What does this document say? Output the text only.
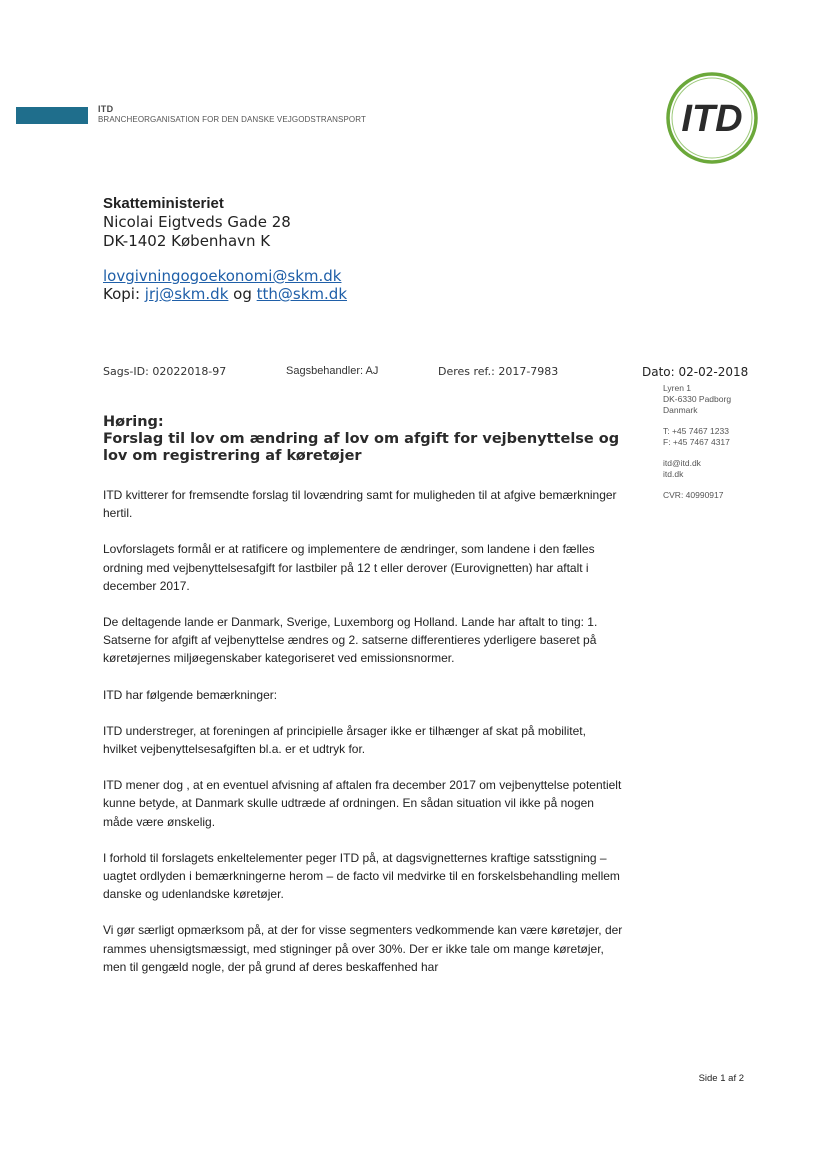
ITD
BRANCHEORGANISATION FOR DEN DANSKE VEJGODSTRANSPORT	ITD
Skatteministeriet
Nicolai Eigtveds Gade 28
DK-1402 København K
lovgivningogoekonomi@skm.dk
Kopi: jrj@skm.dk og tth@skm.dk
Sags-ID: 02022018-97	Sagsbehandler: AJ	Deres ref.: 2017-7983	Dato: 02-02-2018
Lyren 1
DK-6330 Padborg
Danmark
T: +45 7467 1233
F: +45 7467 4317
itd@itd.dk
itd.dk
CVR: 40990917
Høring:
Forslag til lov om ændring af lov om afgift for vejbenyttelse og lov om registrering af køretøjer

ITD kvitterer for fremsendte forslag til lovændring samt for muligheden til at afgive bemærkninger hertil.

Lovforslagets formål er at ratificere og implementere de ændringer, som landene i den fælles ordning med vejbenyttelsesafgift for lastbiler på 12 t eller derover (Eurovignetten) har aftalt i december 2017.

De deltagende lande er Danmark, Sverige, Luxemborg og Holland. Lande har aftalt to ting: 1. Satserne for afgift af vejbenyttelse ændres og 2. satserne differentieres yderligere baseret på køretøjernes miljøegenskaber kategoriseret ved emissionsnormer.

ITD har følgende bemærkninger:

ITD understreger, at foreningen af principielle årsager ikke er tilhænger af skat på mobilitet, hvilket vejbenyttelsesafgiften bl.a. er et udtryk for.

ITD mener dog , at en eventuel afvisning af aftalen fra december 2017 om vejbenyttelse potentielt kunne betyde, at Danmark skulle udtræde af ordningen. En sådan situation vil ikke på nogen måde være ønskelig.

I forhold til forslagets enkeltelementer peger ITD på, at dagsvignetternes kraftige satsstigning – uagtet ordlyden i bemærkningerne herom – de facto vil medvirke til en forskelsbehandling mellem danske og udenlandske køretøjer.

Vi gør særligt opmærksom på, at der for visse segmenters vedkommende kan være køretøjer, der rammes uhensigtsmæssigt, med stigninger på over 30%. Der er ikke tale om mange køretøjer, men til gengæld nogle, der på grund af deres beskaffenhed har

Side 1 af 2
